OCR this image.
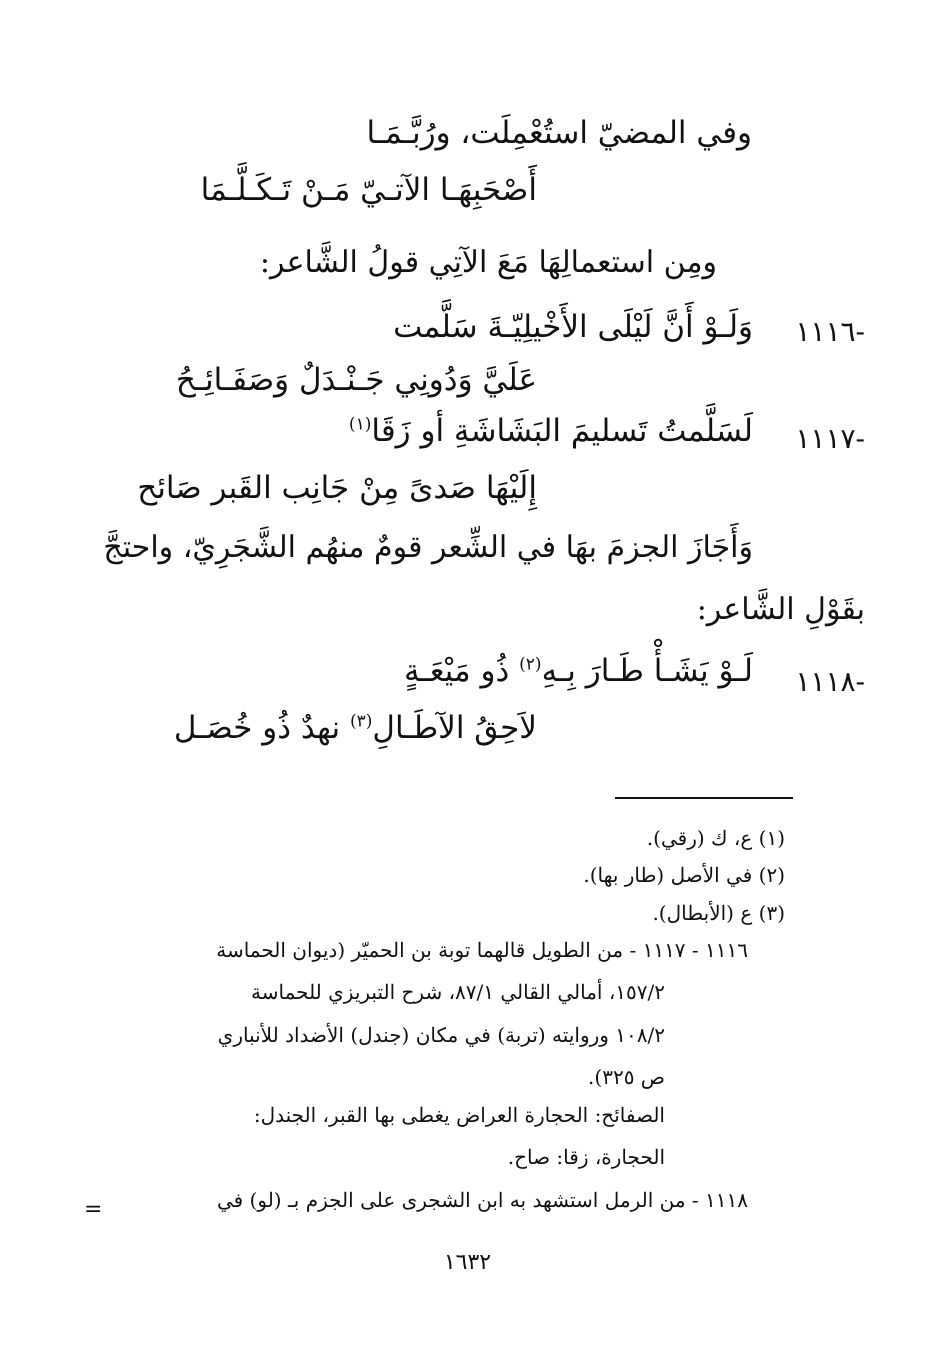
وفي المضيّ استُعْمِلَت، ورُبَّـمَـا
أَصْحَبِهَـا الآتـيّ مَـنْ تَـكَـلَّـمَا
ومِن استعمالِهَا مَعَ الآتِي قولُ الشَّاعر:
١١١٦-
وَلَـوْ أَنَّ لَيْلَى الأَخْيلِيّـةَ سَلَّمت
عَلَيَّ وَدُونِي جَـنْـدَلٌ وَصَفَـائِـحُ
١١١٧-
لَسَلَّمتُ تَسليمَ البَشَاشَةِ أو زَقَا$^{(١)}$
إِلَيْهَا صَدىً مِنْ جَانِب القَبر صَائح
وَأَجَازَ الجزمَ بهَا في الشِّعر قومٌ منهُم الشَّجَرِيّ، واحتجَّ
بقَوْلِ الشَّاعر:
١١١٨-
لَـوْ يَشَـأْ طَـارَ بِـهِ$^{(٢)}$ ذُو مَيْعَـةٍ
لاَحِقُ الآطَـالِ$^{(٣)}$ نهدٌ ذُو خُصَـل
(١) ع، ك (رقي).
(٢) في الأصل (طار بها).
(٣) ع (الأبطال).
١١١٦ - ١١١٧ - من الطويل قالهما توبة بن الحميّر (ديوان الحماسة
١٥٧/٢، أمالي القالي ٨٧/١، شرح التبريزي للحماسة
١٠٨/٢ وروايته (تربة) في مكان (جندل) الأضداد للأنباري
ص ٣٢٥).
الصفائح: الحجارة العراض يغطى بها القبر، الجندل:
الحجارة، زقا: صاح.
١١١٨ - من الرمل استشهد به ابن الشجرى على الجزم بـ (لو) في
=
١٦٣٢
